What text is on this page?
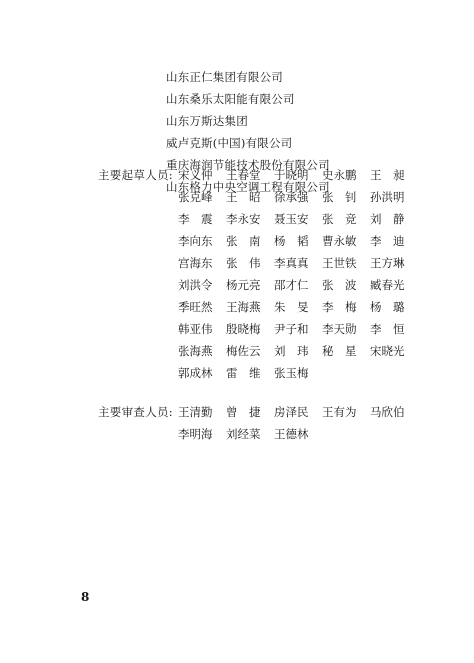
山东正仁集团有限公司
山东桑乐太阳能有限公司
山东万斯达集团
威卢克斯(中国)有限公司
重庆海润节能技术股份有限公司
山东格力中央空调工程有限公司
主要起草人员: 宋义仲	王春堂	于晓明	史永鹏	王　昶
张克峰	王　昭	徐承强	张　钊	孙洪明
李　震	李永安	聂玉安	张　竞	刘　静
李向东	张　南	杨　韬	曹永敏	李　迪
宫海东	张　伟	李真真	王世铁	王方琳
刘洪令	杨元亮	邵才仁	张　波	臧春光
季旺然	王海燕	朱　旻	李　梅	杨　璐
韩亚伟	殷晓梅	尹子和	李天勋	李　恒
张海燕	梅佐云	刘　玮	秘　星	宋晓光
郭成林	雷　维	张玉梅
主要审查人员: 王清勤	曾　捷	房泽民	王有为	马欣伯
李明海	刘经菜	王德林
8
